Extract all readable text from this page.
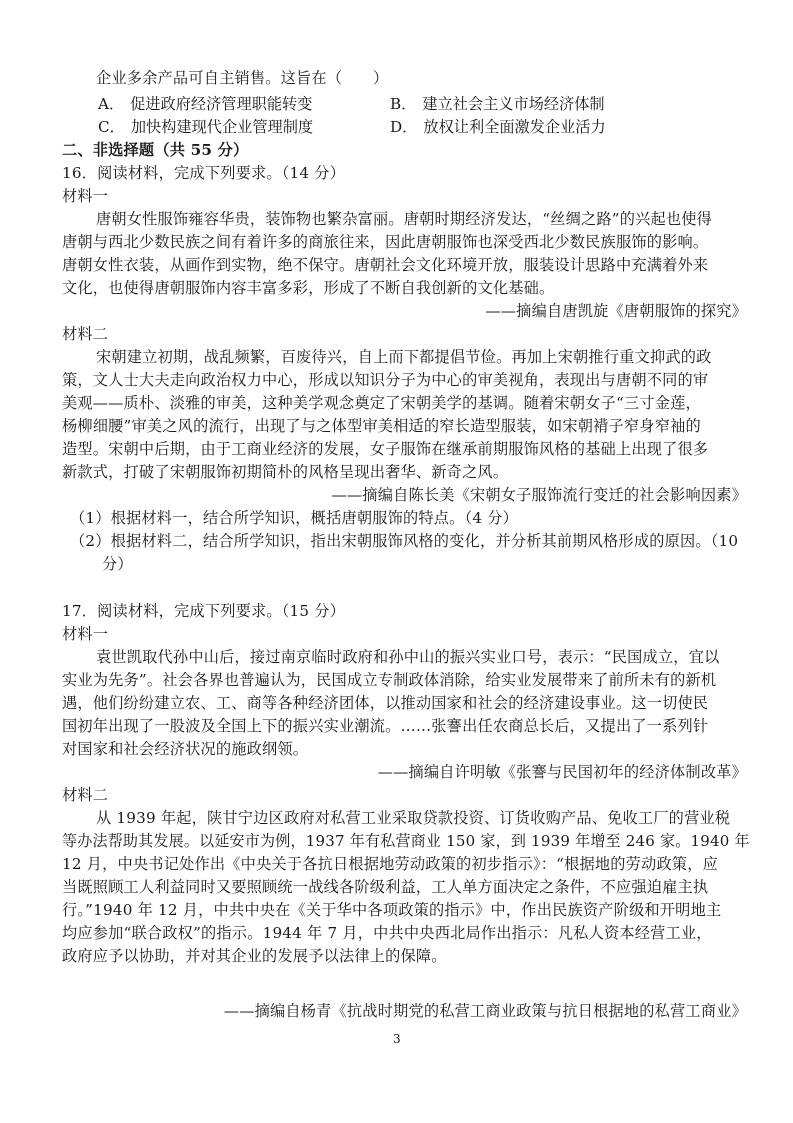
企业多余产品可自主销售。这旨在（　　）
A． 促进政府经济管理职能转变	B． 建立社会主义市场经济体制
C． 加快构建现代企业管理制度	D． 放权让利全面激发企业活力
二、非选择题（共 55 分）
16．阅读材料，完成下列要求。（14 分）
材料一
唐朝女性服饰雍容华贵，装饰物也繁杂富丽。唐朝时期经济发达，“丝绸之路”的兴起也使得
唐朝与西北少数民族之间有着许多的商旅往来，因此唐朝服饰也深受西北少数民族服饰的影响。
唐朝女性衣装，从画作到实物，绝不保守。唐朝社会文化环境开放，服装设计思路中充满着外来
文化，也使得唐朝服饰内容丰富多彩，形成了不断自我创新的文化基础。
——摘编自唐凯旋《唐朝服饰的探究》
材料二
宋朝建立初期，战乱频繁，百废待兴，自上而下都提倡节俭。再加上宋朝推行重文抑武的政
策，文人士大夫走向政治权力中心，形成以知识分子为中心的审美视角，表现出与唐朝不同的审
美观——质朴、淡雅的审美，这种美学观念奠定了宋朝美学的基调。随着宋朝女子“三寸金莲，
杨柳细腰”审美之风的流行，出现了与之体型审美相适的窄长造型服装，如宋朝褙子窄身窄袖的
造型。宋朝中后期，由于工商业经济的发展，女子服饰在继承前期服饰风格的基础上出现了很多
新款式，打破了宋朝服饰初期简朴的风格呈现出奢华、新奇之风。
——摘编自陈长美《宋朝女子服饰流行变迁的社会影响因素》
（1）根据材料一，结合所学知识，概括唐朝服饰的特点。（4 分）
（2）根据材料二，结合所学知识，指出宋朝服饰风格的变化，并分析其前期风格形成的原因。（10
分）
17．阅读材料，完成下列要求。（15 分）
材料一
袁世凯取代孙中山后，接过南京临时政府和孙中山的振兴实业口号，表示：“民国成立，宜以
实业为先务”。社会各界也普遍认为，民国成立专制政体消除，给实业发展带来了前所未有的新机
遇，他们纷纷建立农、工、商等各种经济团体，以推动国家和社会的经济建设事业。这一切使民
国初年出现了一股波及全国上下的振兴实业潮流。……张謇出任农商总长后，又提出了一系列针
对国家和社会经济状况的施政纲领。
——摘编自许明敏《张謇与民国初年的经济体制改革》
材料二
从 1939 年起，陕甘宁边区政府对私营工业采取贷款投资、订货收购产品、免收工厂的营业税
等办法帮助其发展。以延安市为例，1937 年有私营商业 150 家，到 1939 年增至 246 家。1940 年
12 月，中央书记处作出《中央关于各抗日根据地劳动政策的初步指示》：“根据地的劳动政策，应
当既照顾工人利益同时又要照顾统一战线各阶级利益，工人单方面决定之条件，不应强迫雇主执
行。”1940 年 12 月，中共中央在《关于华中各项政策的指示》中，作出民族资产阶级和开明地主
均应参加“联合政权”的指示。1944 年 7 月，中共中央西北局作出指示：凡私人资本经营工业，
政府应予以协助，并对其企业的发展予以法律上的保障。
——摘编自杨青《抗战时期党的私营工商业政策与抗日根据地的私营工商业》
3
